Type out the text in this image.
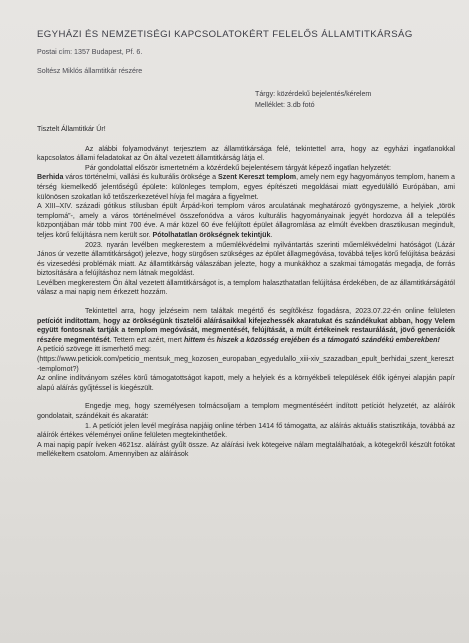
EGYHÁZI ÉS NEMZETISÉGI KAPCSOLATOKÉRT FELELŐS ÁLLAMTITKÁRSÁG
Postai cím: 1357 Budapest, Pf. 6.
Soltész Miklós államtitkár részére
Tárgy: közérdekű bejelentés/kérelem
Melléklet: 3.db fotó
Tisztelt Államtitkár Úr!

Az alábbi folyamodványt terjesztem az államtitkársága felé, tekintettel arra, hogy az egyházi ingatlanokkal kapcsolatos állami feladatokat az Ön által vezetett államtitkárság látja el.

Pár gondolattal először ismertetném a közérdekű bejelentésem tárgyát képező ingatlan helyzetét:

Berhida város történelmi, vallási és kulturális öröksége a Szent Kereszt templom, amely nem egy hagyományos templom, hanem a térség kiemelkedő jelentőségű épülete: különleges templom, egyes építészeti megoldásai miatt egyedülálló Európában, ami különösen szokatlan kő tetőszerkezetével hívja fel magára a figyelmet.

A XIII–XIV. századi gótikus stílusban épült Árpád-kori templom város arculatának meghatározó gyöngyszeme, a helyiek „török templomá”-, amely a város történelmével összefonódva a város kulturális hagyományainak jegyét hordozva áll a település központjában már több mint 700 éve. A már közel 60 éve felújított épület állagromlása az elmúlt években drasztikusan megindult, teljes körű felújításra nem került sor. Pótolhatatlan örökségnek tekintjük.

2023. nyarán levélben megkerestem a műemlékvédelmi nyilvántartás szerinti műemlékvédelmi hatóságot (Lázár János úr vezette államtitkárságot) jelezve, hogy sürgősen szükséges az épület állagmegóvása, továbbá teljes körű felújítása beázási és vizesedési problémák miatt. Az államtitkárság válaszában jelezte, hogy a munkákhoz a szakmai támogatás megadja, de forrás biztosítására a felújításhoz nem látnak megoldást.

Levélben megkerestem Ön által vezetett államtitkárságot is, a templom halaszthatatlan felújítása érdekében, de az államtitkárságától válasz a mai napig nem érkezett hozzám.

Tekintettel arra, hogy jelzéseim nem találtak megértő és segítőkész fogadásra, 2023.07.22-én online felületen petíciót indítottam, hogy az örökségünk tisztelői aláírásaikkal kifejezhessék akaratukat és szándékukat abban, hogy Velem együtt fontosnak tartják a templom megóvását, megmentését, felújítását, a múlt értékeinek restaurálását, jövő generációk részére megmentését. Tettem ezt azért, mert hittem és hiszek a közösség erejében és a támogató szándékú emberekben!

A petíció szövege itt ismerhető meg:

(https://www.peticiok.com/peticio_mentsuk_meg_kozosen_europaban_egyedulallo_xiii-xiv_szazadban_epult_berhidai_szent_kereszt-templomot?)

Az online indítványom széles körű támogatottságot kapott, mely a helyiek és a környékbeli települések élők igényei alapján papír alapú aláírás gyűjtéssel is kiegészült.

Engedje meg, hogy személyesen tolmácsoljam a templom megmentéséért indított petíciót helyzetét, az aláírók gondolatait, szándékait és akaratát:

1. A petíciót jelen levél megírása napjáig online térben 1414 fő támogatta, az aláírás aktuális statisztikája, továbbá az aláírók értékes véleményei online felületen megtekinthetőek.

A mai napig papír íveken 4621sz. aláírást gyűlt össze. Az aláírási ívek kötegeive nálam megtalálhatóak, a kötegekről készült fotókat mellékeltem csatolom. Amennyiben az aláírások
